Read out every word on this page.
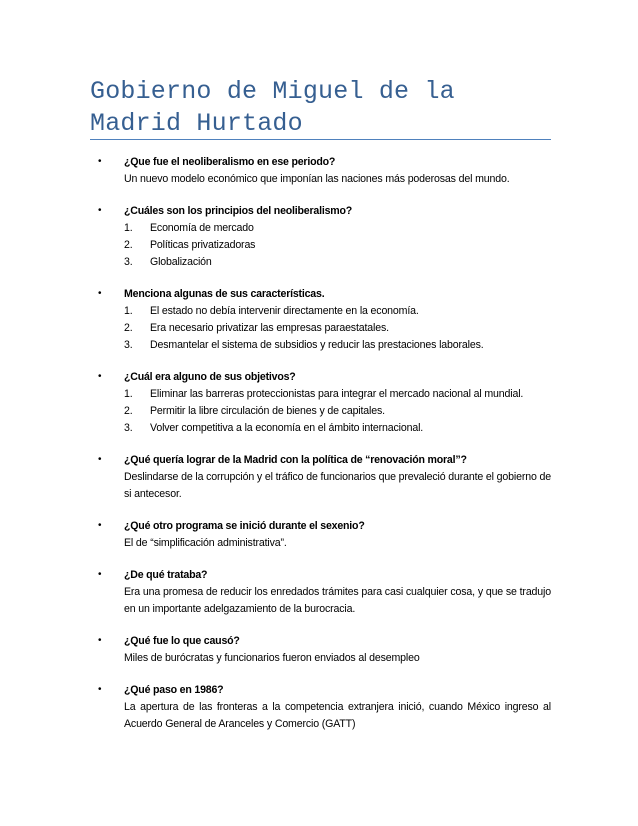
Gobierno de Miguel de la Madrid Hurtado
• ¿Que fue el neoliberalismo en ese periodo?
Un nuevo modelo económico que imponían las naciones más poderosas del mundo.
• ¿Cuáles son los principios del neoliberalismo?
1. Economía de mercado
2. Políticas privatizadoras
3. Globalización
• Menciona algunas de sus características.
1. El estado no debía intervenir directamente en la economía.
2. Era necesario privatizar las empresas paraestatales.
3. Desmantelar el sistema de subsidios y reducir las prestaciones laborales.
• ¿Cuál era alguno de sus objetivos?
1. Eliminar las barreras proteccionistas para integrar el mercado nacional al mundial.
2. Permitir la libre circulación de bienes y de capitales.
3. Volver competitiva a la economía en el ámbito internacional.
• ¿Qué quería lograr de la Madrid con la política de “renovación moral”?
Deslindarse de la corrupción y el tráfico de funcionarios que prevaleció durante el gobierno de si antecesor.
• ¿Qué otro programa se inició durante el sexenio?
El de “simplificación administrativa”.
• ¿De qué trataba?
Era una promesa de reducir los enredados trámites para casi cualquier cosa, y que se tradujo en un importante adelgazamiento de la burocracia.
• ¿Qué fue lo que causó?
Miles de burócratas y funcionarios fueron enviados al desempleo
• ¿Qué paso en 1986?
La apertura de las fronteras a la competencia extranjera inició, cuando México ingreso al Acuerdo General de Aranceles y Comercio (GATT)
